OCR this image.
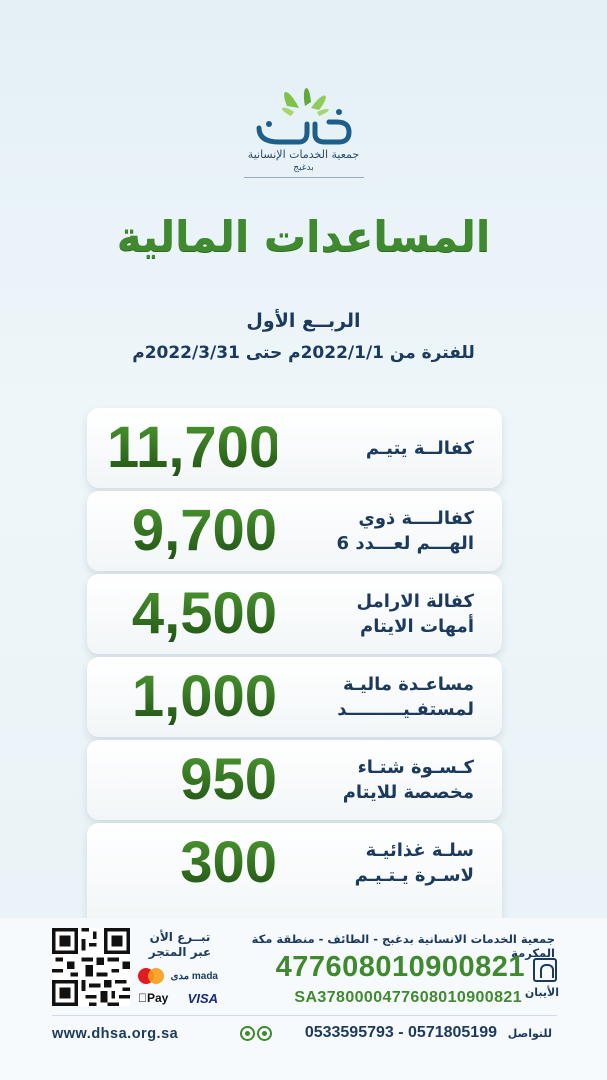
جمعية الخدمات الإنسانية
بدغبج
المساعدات المالية
الربــع الأول
للفترة من 2022/1/1م حتى 2022/3/31م
11,700	كفالــة يتيـم
9,700	كفالــــة ذوي
الهـــم لعـــدد 6
4,500	كفالة الارامل
أمهات الايتام
1,000	مساعـدة ماليـة
لمستفـيـــــــــد
950	كـسـوة شتـاء
مخصصة للايتام
300	سلـة غذائيـة
لاسـرة يـتـيـم
تبــرع الأن
عبر المتجر
مدى mada
Pay VISA
جمعية الخدمات الانسانية بدغبج - الطائف - منطقة مكة المكرمة
الأيبان
477608010900821
SA3780000477608010900821
www.dhsa.org.sa	0533595793 - 0571805199 للتواصل
